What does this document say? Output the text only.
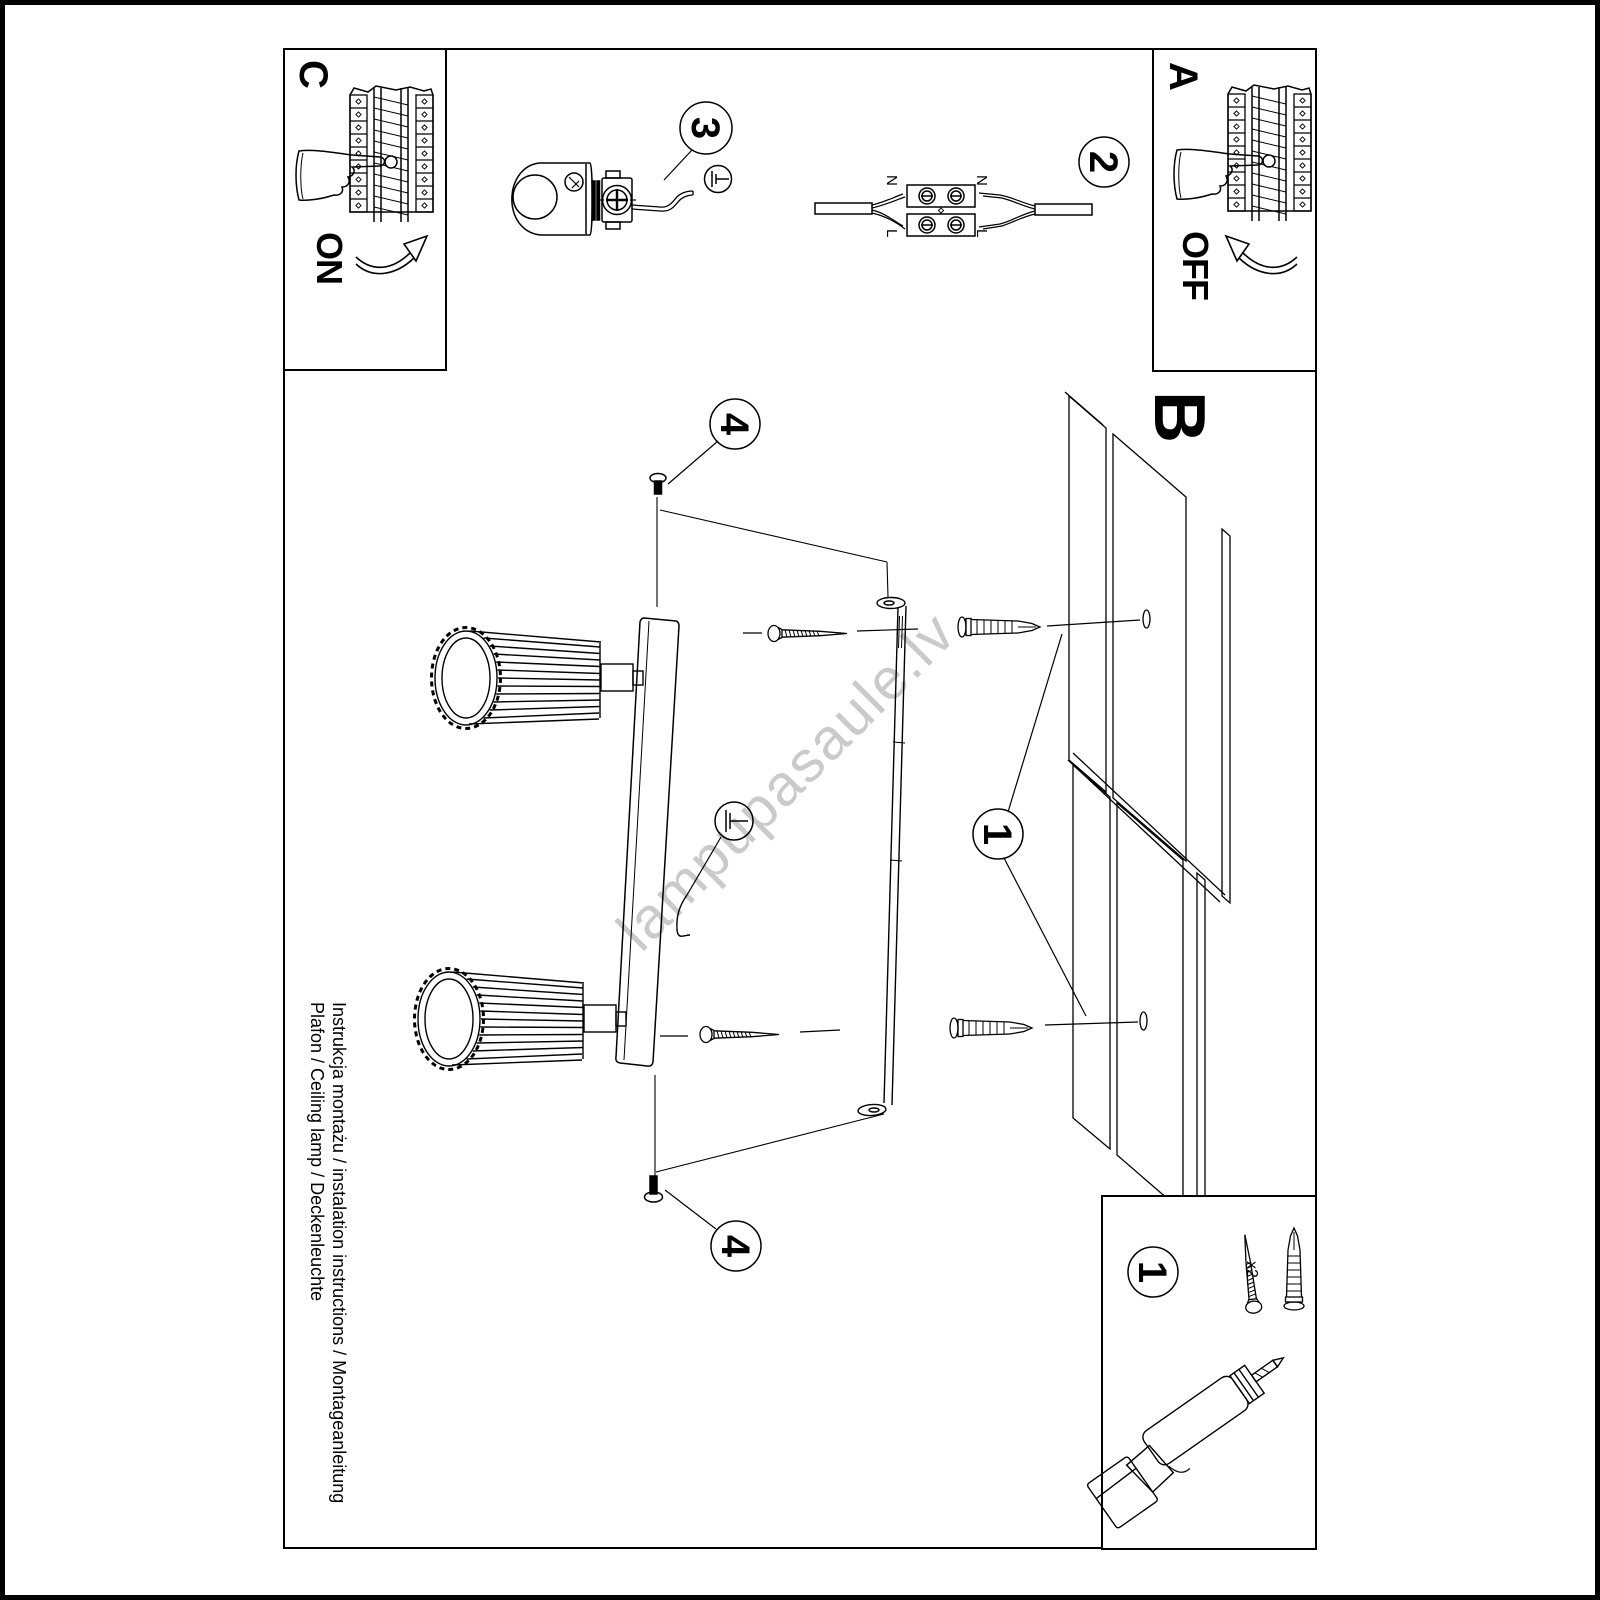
lampupasaule.lv
C
ON
A
OFF
3
N	N
L	L
2
B
1
4
4
1	x2
Instrukcja montażu / instalation instructions / Montageanleitung
Plafon / Ceiling lamp / Deckenleuchte
